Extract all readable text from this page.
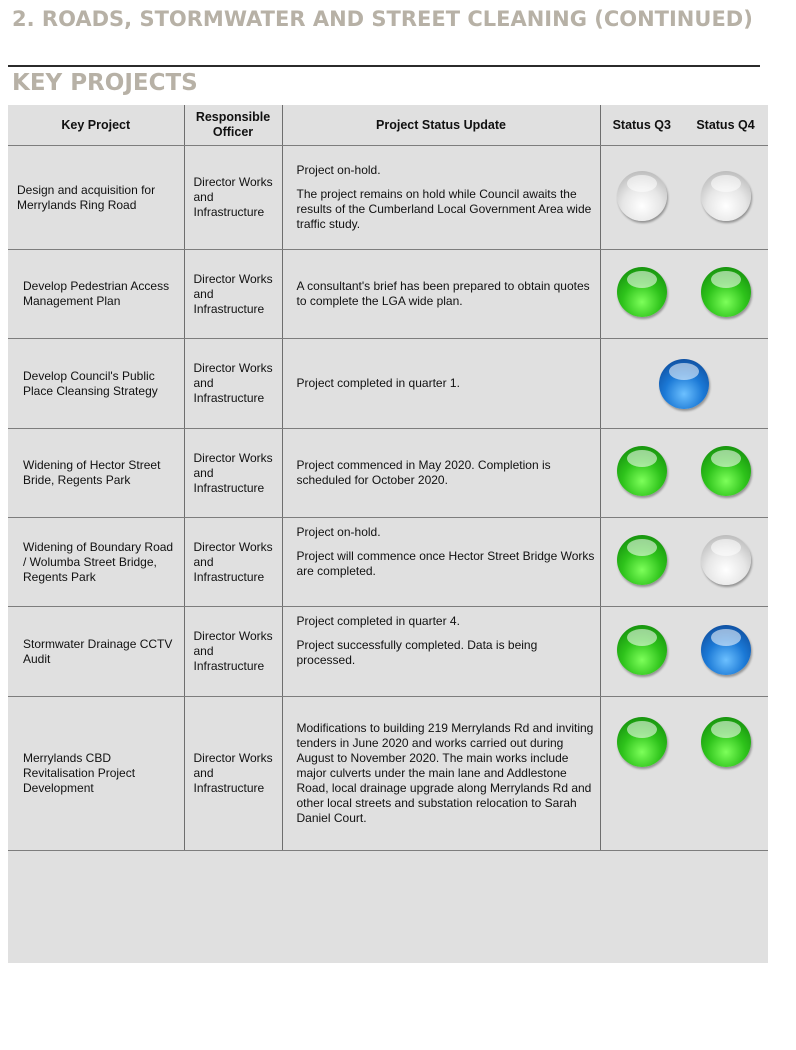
2. ROADS, STORMWATER AND STREET CLEANING (CONTINUED)
KEY PROJECTS
Key Project	Responsible Officer	Project Status Update	Status Q3	Status Q4
Design and acquisition for Merrylands Ring Road	Director Works and Infrastructure	Project on-hold.
The project remains on hold while Council awaits the results of the Cumberland Local Government Area wide traffic study.		

Develop Pedestrian Access Management Plan	Director Works and Infrastructure	A consultant's brief has been prepared to obtain quotes to complete the LGA wide plan.		

Develop Council's Public Place Cleansing Strategy	Director Works and Infrastructure	Project completed in quarter 1.		

Widening of Hector Street Bride, Regents Park	Director Works and Infrastructure	Project commenced in May 2020. Completion is scheduled for October 2020.		

Widening of Boundary Road / Wolumba Street Bridge, Regents Park	Director Works and Infrastructure	Project on-hold.
Project will commence once Hector Street Bridge Works are completed.		

Stormwater Drainage CCTV Audit	Director Works and Infrastructure	Project completed in quarter 4.
Project successfully completed. Data is being processed.		

Merrylands CBD Revitalisation Project Development	Director Works and Infrastructure	Modifications to building 219 Merrylands Rd and inviting tenders in June 2020 and works carried out during August to November 2020. The main works include major culverts under the main lane and Addlestone Road, local drainage upgrade along Merrylands Rd and other local streets and substation relocation to Sarah Daniel Court.		
